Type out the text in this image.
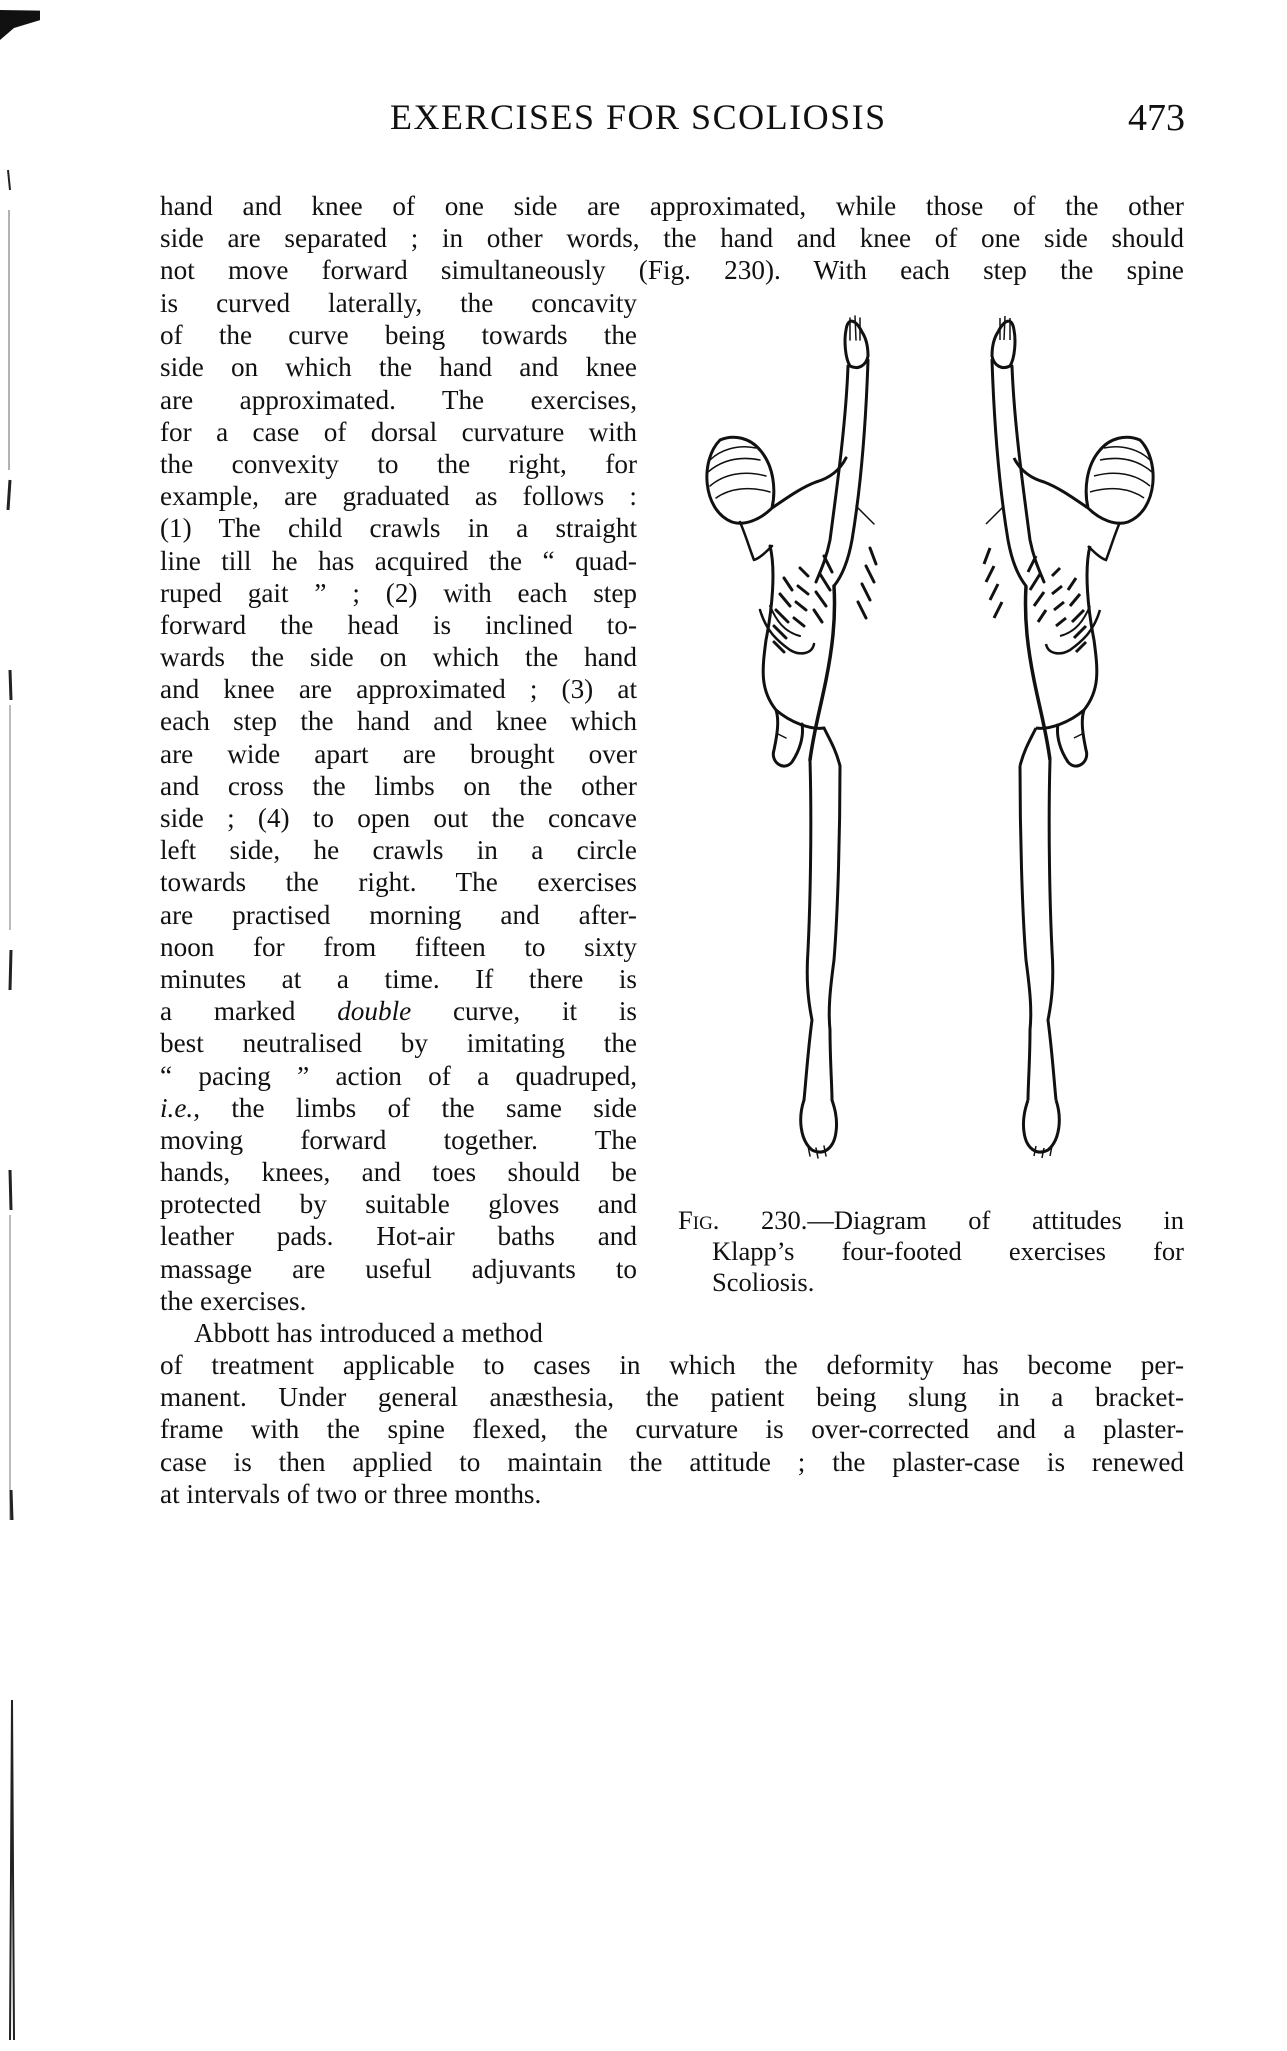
EXERCISES FOR SCOLIOSIS	473
hand and knee of one side are approximated, while those of the other
side are separated ; in other words, the hand and knee of one side should
not move forward simultaneously (Fig. 230). With each step the spine
is curved laterally, the concavity
of the curve being towards the
side on which the hand and knee
are approximated. The exercises,
for a case of dorsal curvature with
the convexity to the right, for
example, are graduated as follows :
(1) The child crawls in a straight
line till he has acquired the “ quad-
ruped gait ” ; (2) with each step
forward the head is inclined to-
wards the side on which the hand
and knee are approximated ; (3) at
each step the hand and knee which
are wide apart are brought over
and cross the limbs on the other
side ; (4) to open out the concave
left side, he crawls in a circle
towards the right. The exercises
are practised morning and after-
noon for from fifteen to sixty
minutes at a time. If there is
a marked double curve, it is
best neutralised by imitating the
“ pacing ” action of a quadruped,
i.e., the limbs of the same side
moving forward together. The
hands, knees, and toes should be
protected by suitable gloves and
leather pads. Hot-air baths and
massage are useful adjuvants to
the exercises.
Abbott has introduced a method
of treatment applicable to cases in which the deformity has become per-
manent. Under general anæsthesia, the patient being slung in a bracket-
frame with the spine flexed, the curvature is over-corrected and a plaster-
case is then applied to maintain the attitude ; the plaster-case is renewed
at intervals of two or three months.
Fig. 230.—Diagram of attitudes in
Klapp’s four-footed exercises for
Scoliosis.
